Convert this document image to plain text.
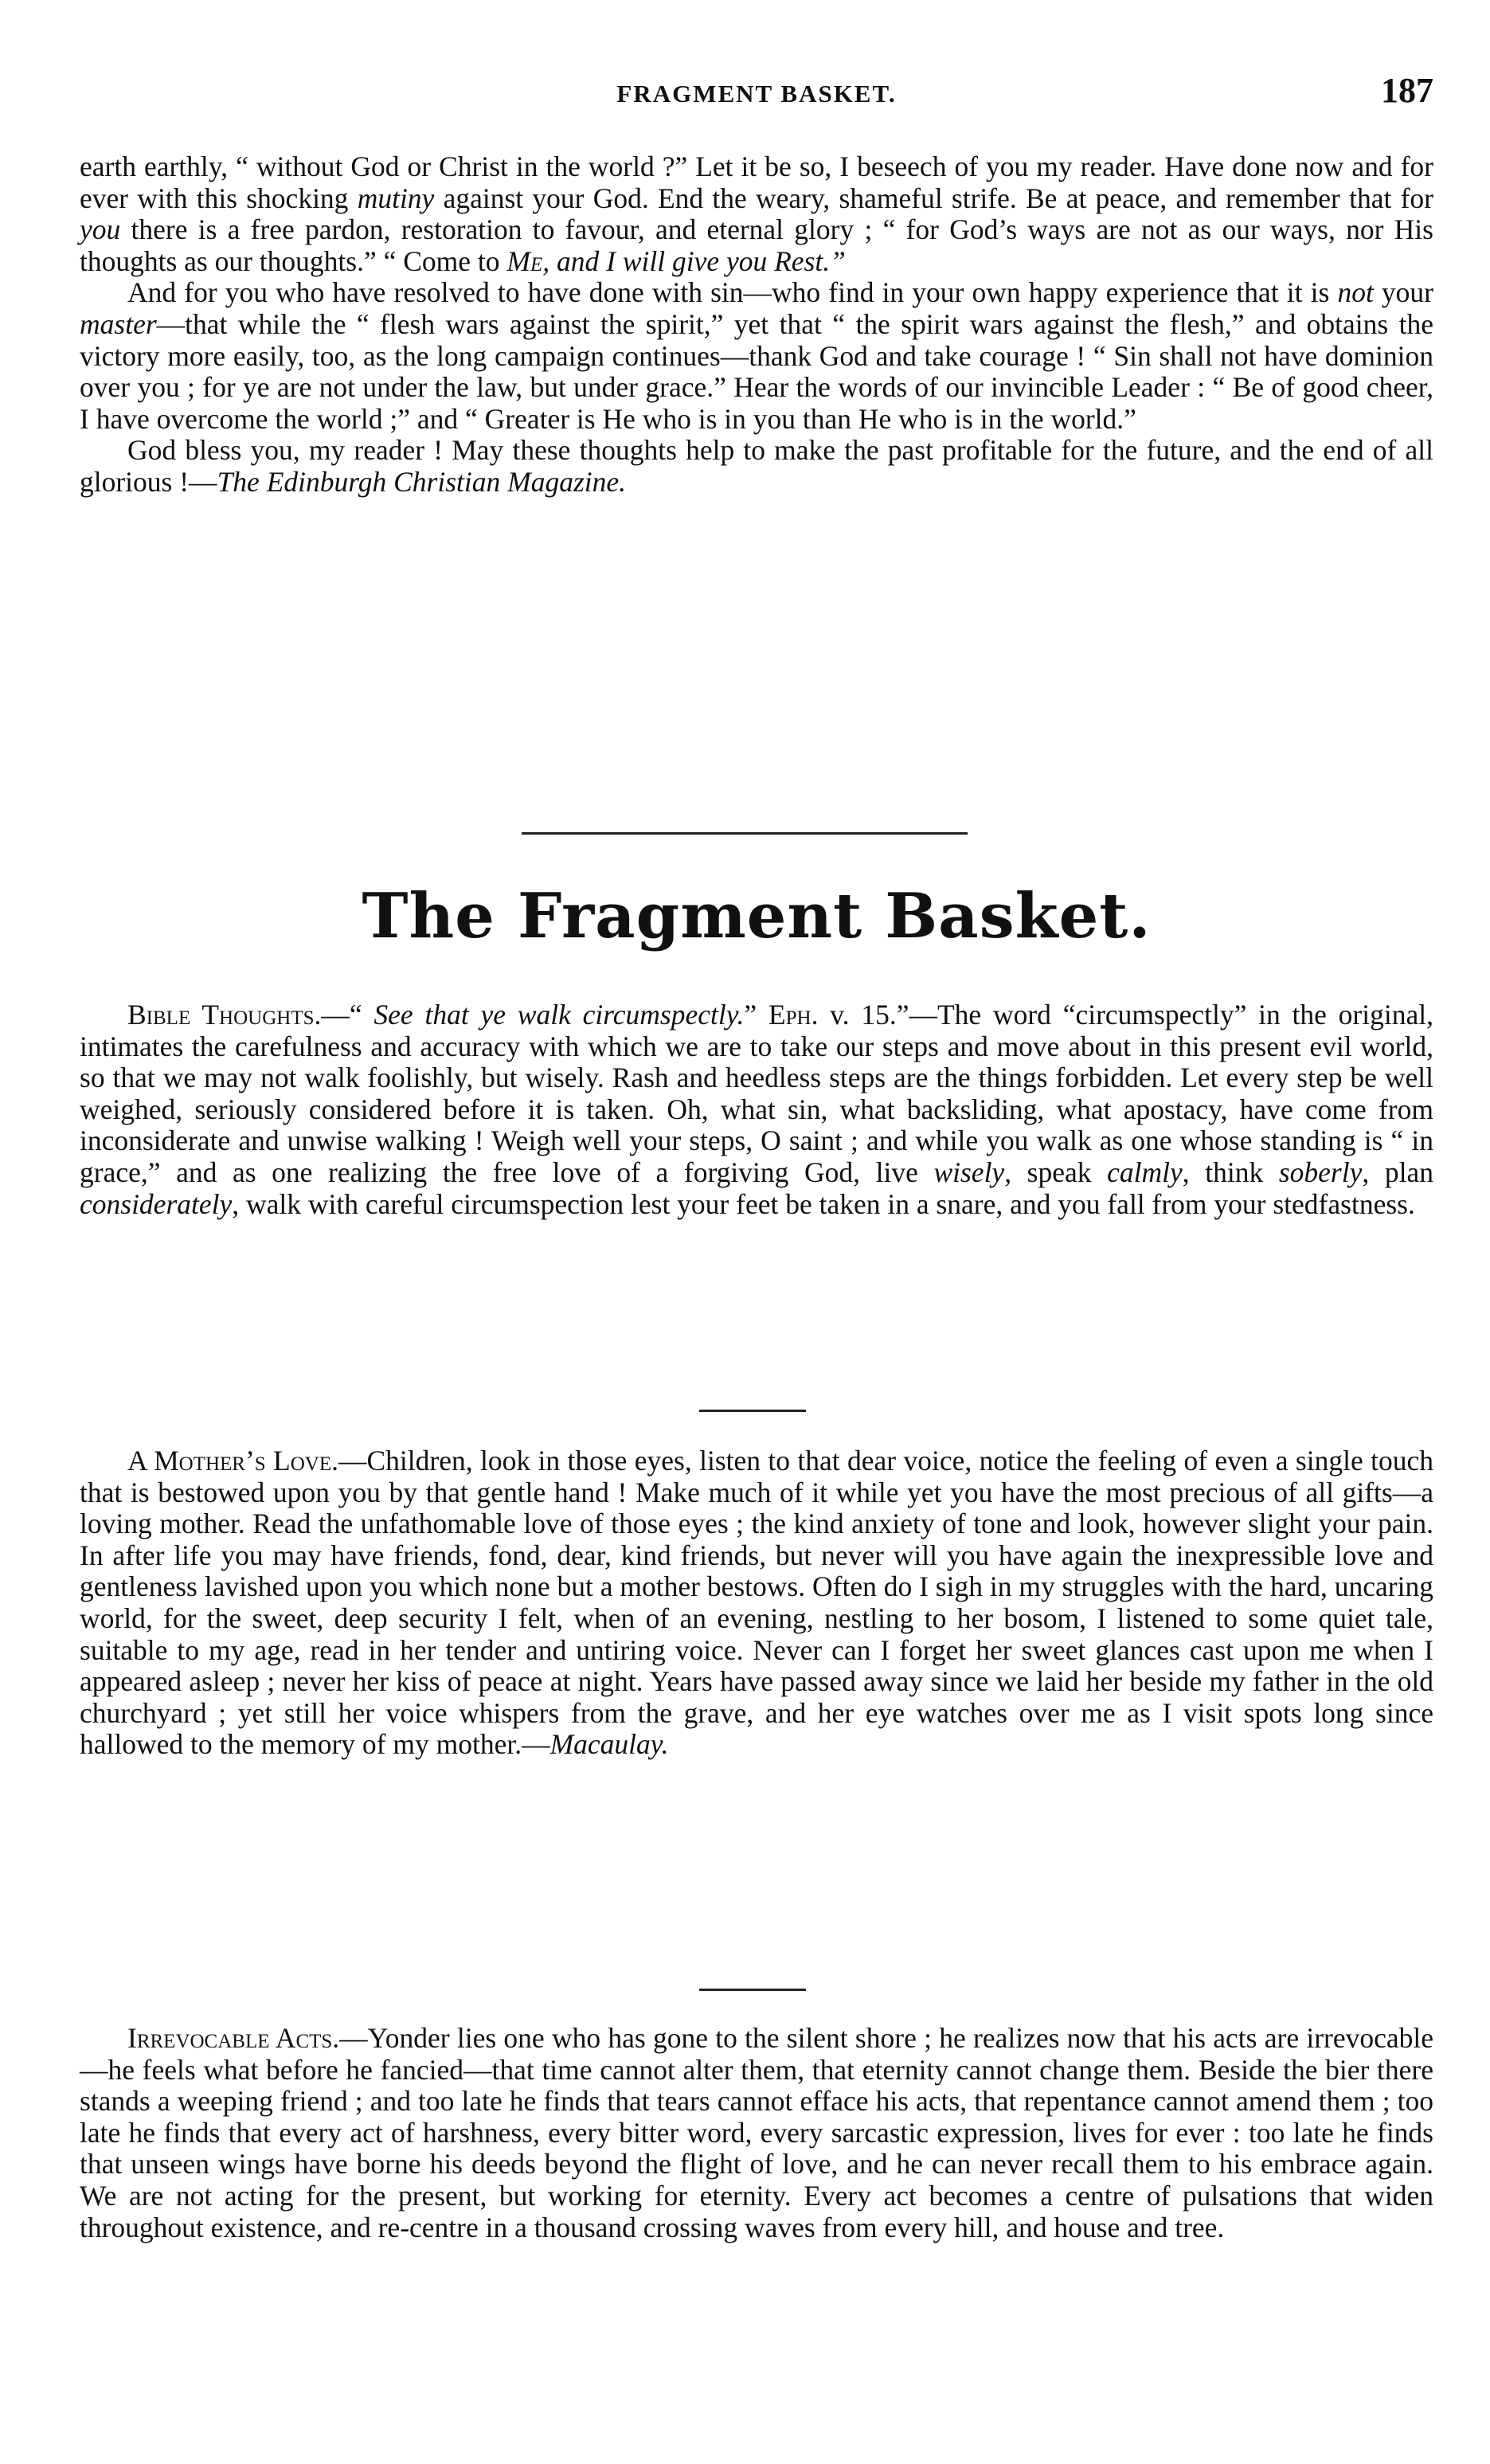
FRAGMENT BASKET.	187

earth earthly, “ without God or Christ in the world ?” Let it be so, I beseech of you my reader. Have done now and for ever with this shocking mutiny against your God. End the weary, shameful strife. Be at peace, and remember that for you there is a free pardon, restoration to favour, and eternal glory ; “ for God’s ways are not as our ways, nor His thoughts as our thoughts.” “ Come to Me, and I will give you Rest.”

And for you who have resolved to have done with sin—who find in your own happy experience that it is not your master—that while the “ flesh wars against the spirit,” yet that “ the spirit wars against the flesh,” and obtains the victory more easily, too, as the long campaign continues—thank God and take courage ! “ Sin shall not have dominion over you ; for ye are not under the law, but under grace.” Hear the words of our invincible Leader : “ Be of good cheer, I have overcome the world ;” and “ Greater is He who is in you than He who is in the world.”

God bless you, my reader ! May these thoughts help to make the past profitable for the future, and the end of all glorious !—The Edinburgh Christian Magazine.

The Fragment Basket.

Bible Thoughts.—“ See that ye walk circumspectly.” Eph. v. 15.”—The word “circumspectly” in the original, intimates the carefulness and accuracy with which we are to take our steps and move about in this present evil world, so that we may not walk foolishly, but wisely. Rash and heedless steps are the things forbidden. Let every step be well weighed, seriously considered before it is taken. Oh, what sin, what backsliding, what apostacy, have come from inconsiderate and unwise walking ! Weigh well your steps, O saint ; and while you walk as one whose standing is “ in grace,” and as one realizing the free love of a forgiving God, live wisely, speak calmly, think soberly, plan considerately, walk with careful circumspection lest your feet be taken in a snare, and you fall from your stedfastness.

A Mother’s Love.—Children, look in those eyes, listen to that dear voice, notice the feeling of even a single touch that is bestowed upon you by that gentle hand ! Make much of it while yet you have the most precious of all gifts—a loving mother. Read the unfathomable love of those eyes ; the kind anxiety of tone and look, however slight your pain. In after life you may have friends, fond, dear, kind friends, but never will you have again the inexpressible love and gentleness lavished upon you which none but a mother bestows. Often do I sigh in my struggles with the hard, uncaring world, for the sweet, deep security I felt, when of an evening, nestling to her bosom, I listened to some quiet tale, suitable to my age, read in her tender and untiring voice. Never can I forget her sweet glances cast upon me when I appeared asleep ; never her kiss of peace at night. Years have passed away since we laid her beside my father in the old churchyard ; yet still her voice whispers from the grave, and her eye watches over me as I visit spots long since hallowed to the memory of my mother.—Macaulay.

Irrevocable Acts.—Yonder lies one who has gone to the silent shore ; he realizes now that his acts are irrevocable—he feels what before he fancied—that time cannot alter them, that eternity cannot change them. Beside the bier there stands a weeping friend ; and too late he finds that tears cannot efface his acts, that repentance cannot amend them ; too late he finds that every act of harshness, every bitter word, every sarcastic expression, lives for ever : too late he finds that unseen wings have borne his deeds beyond the flight of love, and he can never recall them to his embrace again. We are not acting for the present, but working for eternity. Every act becomes a centre of pulsations that widen throughout existence, and re-centre in a thousand crossing waves from every hill, and house and tree.
